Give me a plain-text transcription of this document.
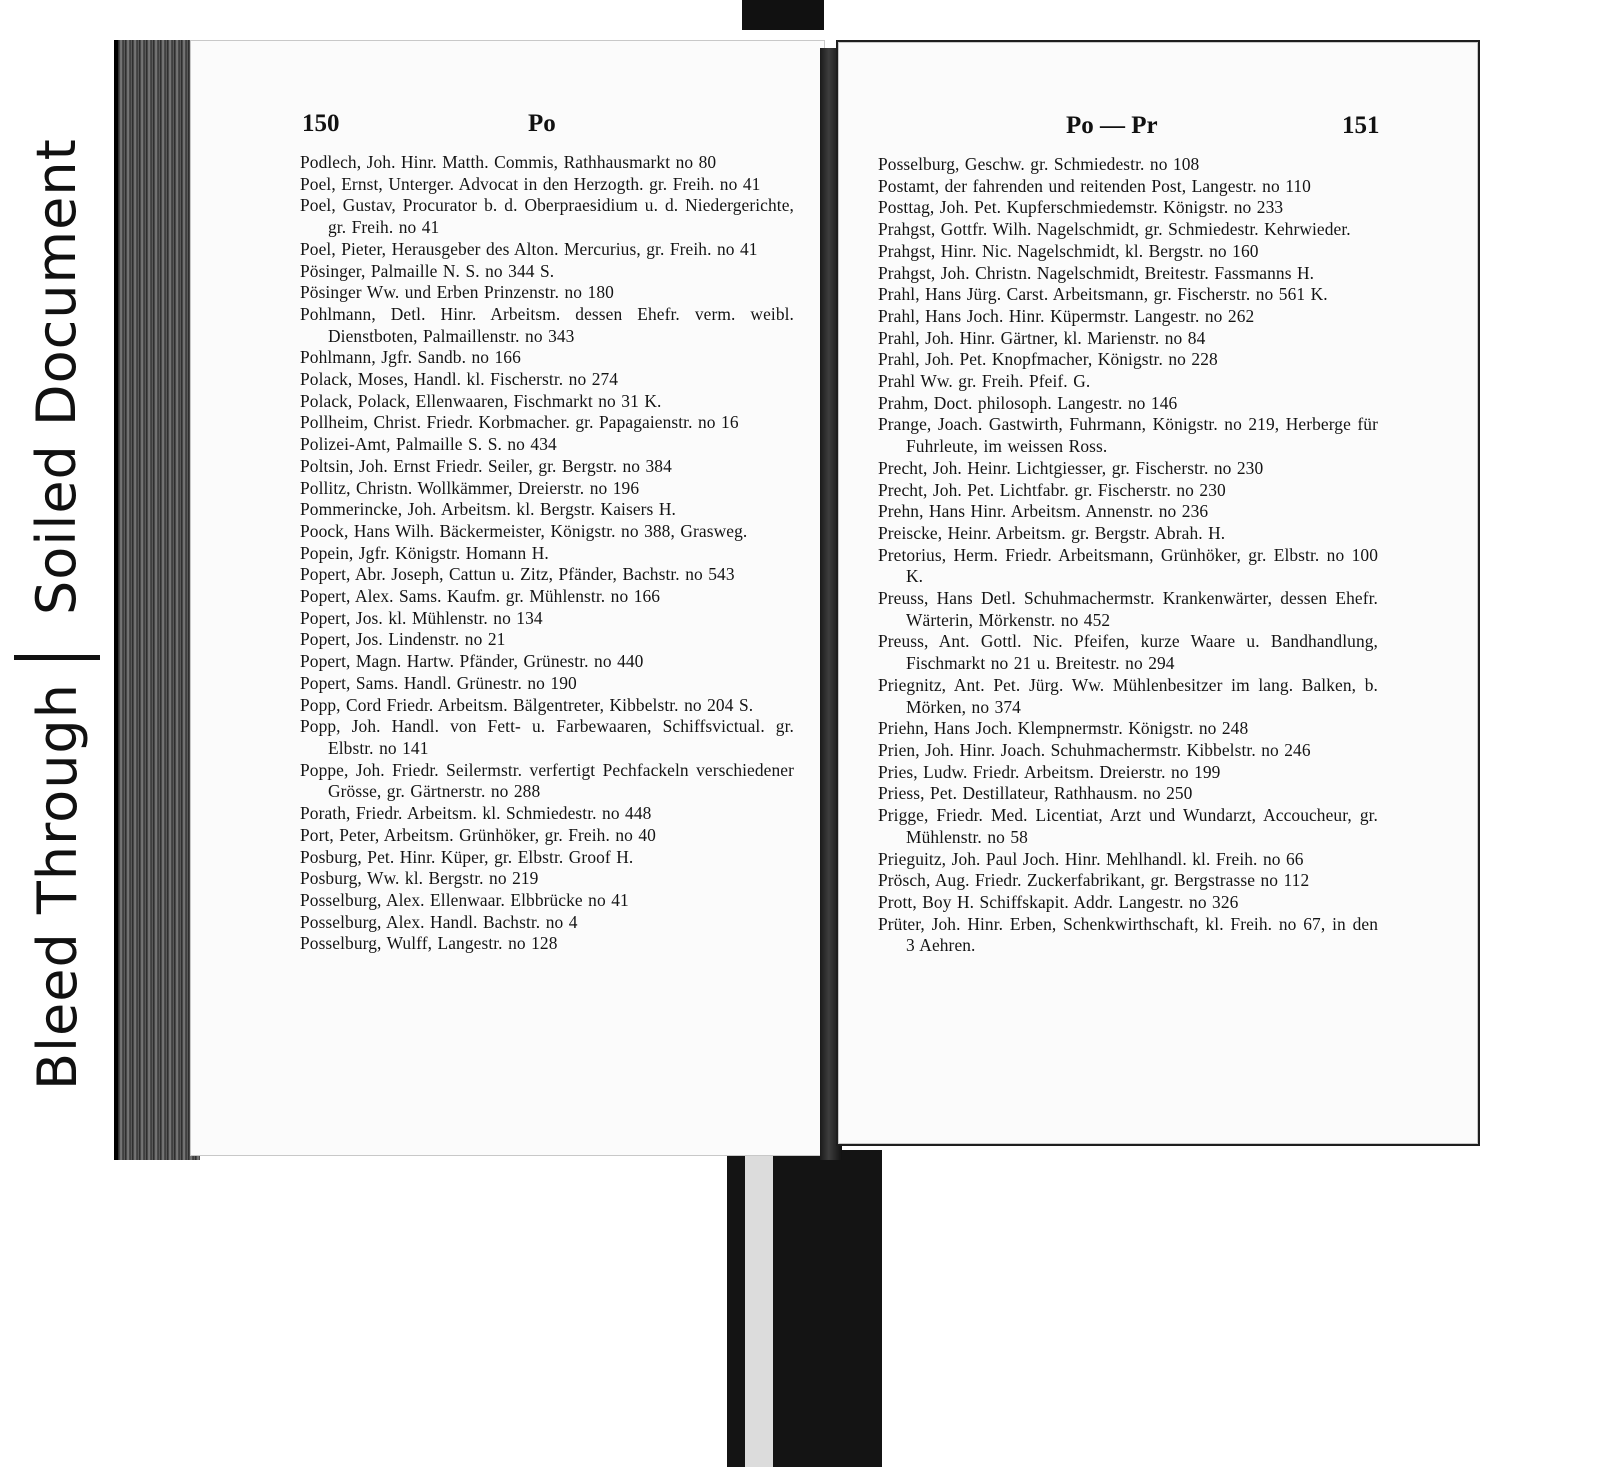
Bleed Through
Soiled Document
150	Po
Podlech, Joh. Hinr. Matth. Commis, Rathhausmarkt no 80
Poel, Ernst, Unterger. Advocat in den Herzogth. gr. Freih. no 41
Poel, Gustav, Procurator b. d. Oberpraesidium u. d. Niedergerichte, gr. Freih. no 41
Poel, Pieter, Herausgeber des Alton. Mercurius, gr. Freih. no 41
Pösinger, Palmaille N. S. no 344 S.
Pösinger Ww. und Erben Prinzenstr. no 180
Pohlmann, Detl. Hinr. Arbeitsm. dessen Ehefr. verm. weibl. Dienstboten, Palmaillenstr. no 343
Pohlmann, Jgfr. Sandb. no 166
Polack, Moses, Handl. kl. Fischerstr. no 274
Polack, Polack, Ellenwaaren, Fischmarkt no 31 K.
Pollheim, Christ. Friedr. Korbmacher. gr. Papagaienstr. no 16
Polizei-Amt, Palmaille S. S. no 434
Poltsin, Joh. Ernst Friedr. Seiler, gr. Bergstr. no 384
Pollitz, Christn. Wollkämmer, Dreierstr. no 196
Pommerincke, Joh. Arbeitsm. kl. Bergstr. Kaisers H.
Poock, Hans Wilh. Bäckermeister, Königstr. no 388, Grasweg.
Popein, Jgfr. Königstr. Homann H.
Popert, Abr. Joseph, Cattun u. Zitz, Pfänder, Bachstr. no 543
Popert, Alex. Sams. Kaufm. gr. Mühlenstr. no 166
Popert, Jos. kl. Mühlenstr. no 134
Popert, Jos. Lindenstr. no 21
Popert, Magn. Hartw. Pfänder, Grünestr. no 440
Popert, Sams. Handl. Grünestr. no 190
Popp, Cord Friedr. Arbeitsm. Bälgentreter, Kibbelstr. no 204 S.
Popp, Joh. Handl. von Fett- u. Farbewaaren, Schiffsvictual. gr. Elbstr. no 141
Poppe, Joh. Friedr. Seilermstr. verfertigt Pechfackeln verschiedener Grösse, gr. Gärtnerstr. no 288
Porath, Friedr. Arbeitsm. kl. Schmiedestr. no 448
Port, Peter, Arbeitsm. Grünhöker, gr. Freih. no 40
Posburg, Pet. Hinr. Küper, gr. Elbstr. Groof H.
Posburg, Ww. kl. Bergstr. no 219
Posselburg, Alex. Ellenwaar. Elbbrücke no 41
Posselburg, Alex. Handl. Bachstr. no 4
Posselburg, Wulff, Langestr. no 128
Po — Pr	151
Posselburg, Geschw. gr. Schmiedestr. no 108
Postamt, der fahrenden und reitenden Post, Langestr. no 110
Posttag, Joh. Pet. Kupferschmiedemstr. Königstr. no 233
Prahgst, Gottfr. Wilh. Nagelschmidt, gr. Schmiedestr. Kehrwieder.
Prahgst, Hinr. Nic. Nagelschmidt, kl. Bergstr. no 160
Prahgst, Joh. Christn. Nagelschmidt, Breitestr. Fassmanns H.
Prahl, Hans Jürg. Carst. Arbeitsmann, gr. Fischerstr. no 561 K.
Prahl, Hans Joch. Hinr. Küpermstr. Langestr. no 262
Prahl, Joh. Hinr. Gärtner, kl. Marienstr. no 84
Prahl, Joh. Pet. Knopfmacher, Königstr. no 228
Prahl Ww. gr. Freih. Pfeif. G.
Prahm, Doct. philosoph. Langestr. no 146
Prange, Joach. Gastwirth, Fuhrmann, Königstr. no 219, Herberge für Fuhrleute, im weissen Ross.
Precht, Joh. Heinr. Lichtgiesser, gr. Fischerstr. no 230
Precht, Joh. Pet. Lichtfabr. gr. Fischerstr. no 230
Prehn, Hans Hinr. Arbeitsm. Annenstr. no 236
Preiscke, Heinr. Arbeitsm. gr. Bergstr. Abrah. H.
Pretorius, Herm. Friedr. Arbeitsmann, Grünhöker, gr. Elbstr. no 100 K.
Preuss, Hans Detl. Schuhmachermstr. Krankenwärter, dessen Ehefr. Wärterin, Mörkenstr. no 452
Preuss, Ant. Gottl. Nic. Pfeifen, kurze Waare u. Bandhandlung, Fischmarkt no 21 u. Breitestr. no 294
Priegnitz, Ant. Pet. Jürg. Ww. Mühlenbesitzer im lang. Balken, b. Mörken, no 374
Priehn, Hans Joch. Klempnermstr. Königstr. no 248
Prien, Joh. Hinr. Joach. Schuhmachermstr. Kibbelstr. no 246
Pries, Ludw. Friedr. Arbeitsm. Dreierstr. no 199
Priess, Pet. Destillateur, Rathhausm. no 250
Prigge, Friedr. Med. Licentiat, Arzt und Wundarzt, Accoucheur, gr. Mühlenstr. no 58
Prieguitz, Joh. Paul Joch. Hinr. Mehlhandl. kl. Freih. no 66
Prösch, Aug. Friedr. Zuckerfabrikant, gr. Bergstrasse no 112
Prott, Boy H. Schiffskapit. Addr. Langestr. no 326
Prüter, Joh. Hinr. Erben, Schenkwirthschaft, kl. Freih. no 67, in den 3 Aehren.
